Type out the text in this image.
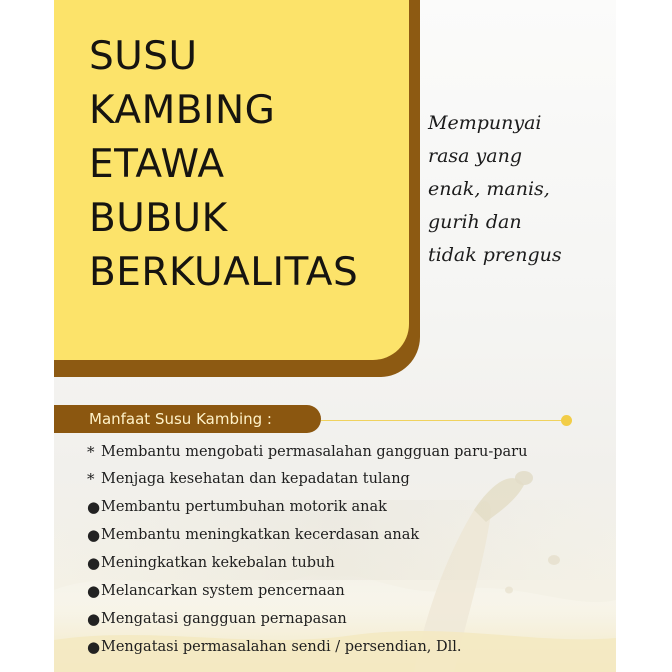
SUSU
KAMBING
ETAWA
BUBUK
BERKUALITAS

Mempunyai
rasa yang
enak, manis,
gurih dan
tidak prengus

Manfaat Susu Kambing :
* Membantu mengobati permasalahan gangguan paru-paru
* Menjaga kesehatan dan kepadatan tulang
● Membantu pertumbuhan motorik anak
● Membantu meningkatkan kecerdasan anak
● Meningkatkan kekebalan tubuh
● Melancarkan system pencernaan
● Mengatasi gangguan pernapasan
● Mengatasi permasalahan sendi / persendian, Dll.
